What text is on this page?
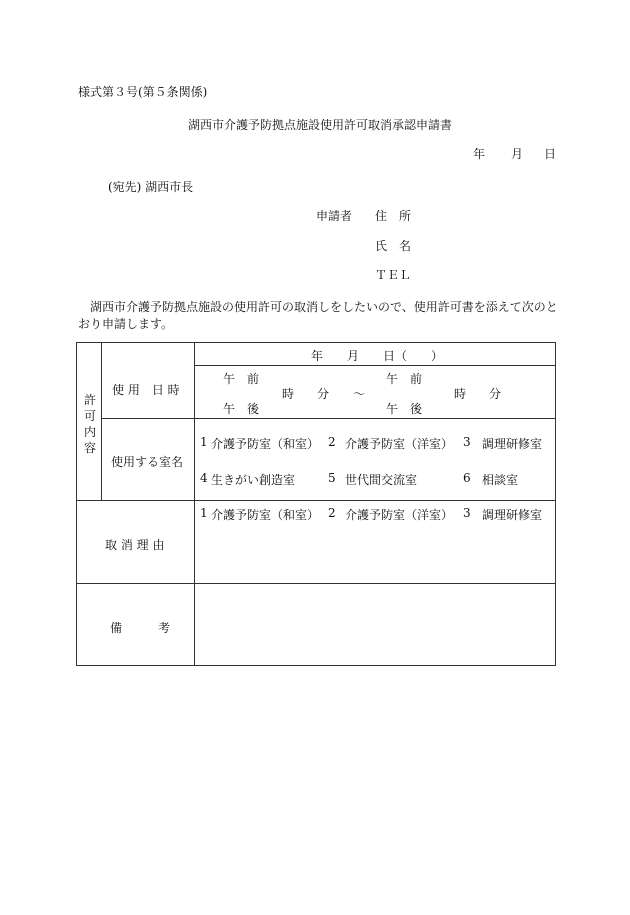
様式第３号(第５条関係)
湖西市介護予防拠点施設使用許可取消承認申請書
年 月 日
(宛先) 湖西市長
申請者 住　所
氏　名
ＴＥＬ
湖西市介護予防拠点施設の使用許可の取消しをしたいので、使用許可書を添えて次のと
おり申請します。
許
可
内
容
使 用　日 時
年　　月　　日（　　）
午　前
午　後
時 分 〜
午　前
午　後
時 分
使用する室名
1 介護予防室（和室） 2 介護予防室（洋室） 3 調理研修室
4 生きがい創造室	5 世代間交流室	6 相談室
取 消 理 由
1 介護予防室（和室） 2 介護予防室（洋室） 3 調理研修室
備　　　考
